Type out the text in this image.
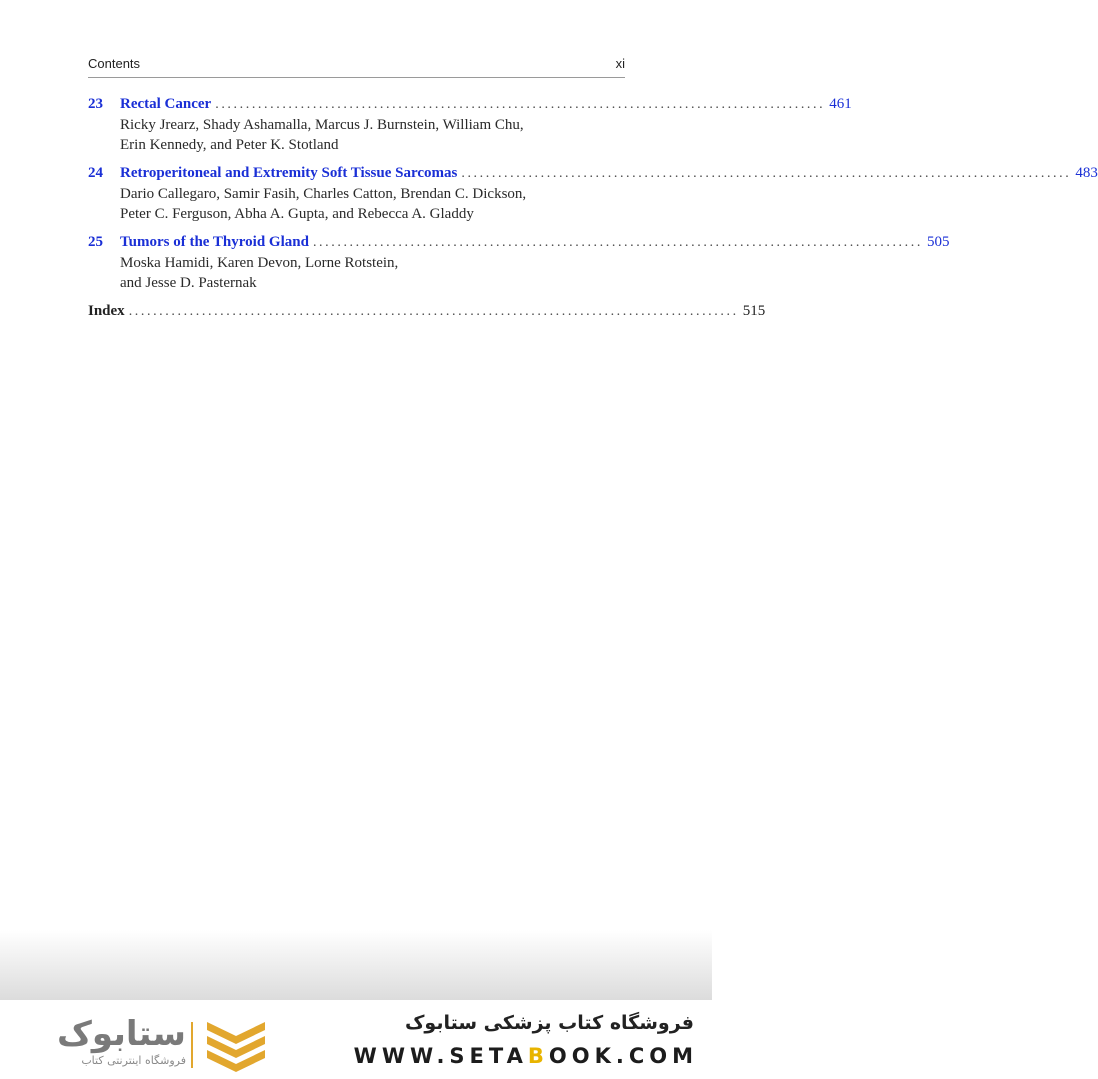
Contents	xi
23 Rectal Cancer .................................................................................................... 461
Ricky Jrearz, Shady Ashamalla, Marcus J. Burnstein, William Chu,
Erin Kennedy, and Peter K. Stotland
24 Retroperitoneal and Extremity Soft Tissue Sarcomas .................................................................................................... 483
Dario Callegaro, Samir Fasih, Charles Catton, Brendan C. Dickson,
Peter C. Ferguson, Abha A. Gupta, and Rebecca A. Gladdy
25 Tumors of the Thyroid Gland .................................................................................................... 505
Moska Hamidi, Karen Devon, Lorne Rotstein,
and Jesse D. Pasternak
Index .................................................................................................... 515
ستابوک
فروشگاه اینترنتی کتاب
فروشگاه کتاب پزشکی ستابوک
WWW.SETABOOK.COM
